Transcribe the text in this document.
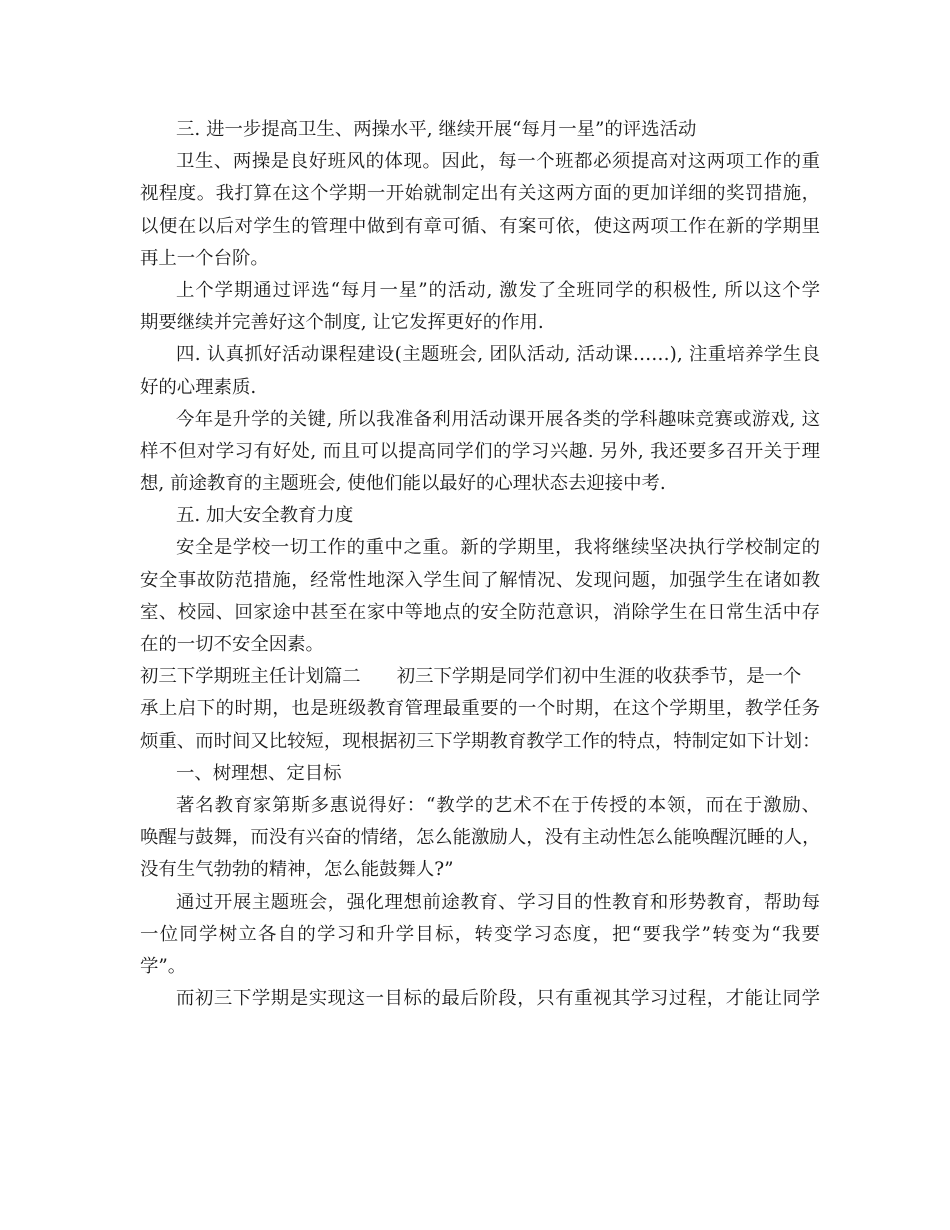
三. 进一步提高卫生、两操水平, 继续开展“每月一星”的评选活动
卫生、两操是良好班风的体现。因此，每一个班都必须提高对这两项工作的重
视程度。我打算在这个学期一开始就制定出有关这两方面的更加详细的奖罚措施，
以便在以后对学生的管理中做到有章可循、有案可依，使这两项工作在新的学期里
再上一个台阶。
上个学期通过评选“每月一星”的活动, 激发了全班同学的积极性, 所以这个学
期要继续并完善好这个制度, 让它发挥更好的作用.
四. 认真抓好活动课程建设(主题班会, 团队活动, 活动课……), 注重培养学生良
好的心理素质.
今年是升学的关键, 所以我准备利用活动课开展各类的学科趣味竞赛或游戏, 这
样不但对学习有好处, 而且可以提高同学们的学习兴趣. 另外, 我还要多召开关于理
想, 前途教育的主题班会, 使他们能以最好的心理状态去迎接中考.
五. 加大安全教育力度
安全是学校一切工作的重中之重。新的学期里，我将继续坚决执行学校制定的
安全事故防范措施，经常性地深入学生间了解情况、发现问题，加强学生在诸如教
室、校园、回家途中甚至在家中等地点的安全防范意识，消除学生在日常生活中存
在的一切不安全因素。
初三下学期班主任计划篇二 初三下学期是同学们初中生涯的收获季节，是一个
承上启下的时期，也是班级教育管理最重要的一个时期，在这个学期里，教学任务
烦重、而时间又比较短，现根据初三下学期教育教学工作的特点，特制定如下计划：
一、树理想、定目标
著名教育家第斯多惠说得好：“教学的艺术不在于传授的本领，而在于激励、
唤醒与鼓舞，而没有兴奋的情绪，怎么能激励人，没有主动性怎么能唤醒沉睡的人，
没有生气勃勃的精神，怎么能鼓舞人?”
通过开展主题班会，强化理想前途教育、学习目的性教育和形势教育，帮助每
一位同学树立各自的学习和升学目标，转变学习态度，把“要我学”转变为“我要
学”。
而初三下学期是实现这一目标的最后阶段，只有重视其学习过程，才能让同学
